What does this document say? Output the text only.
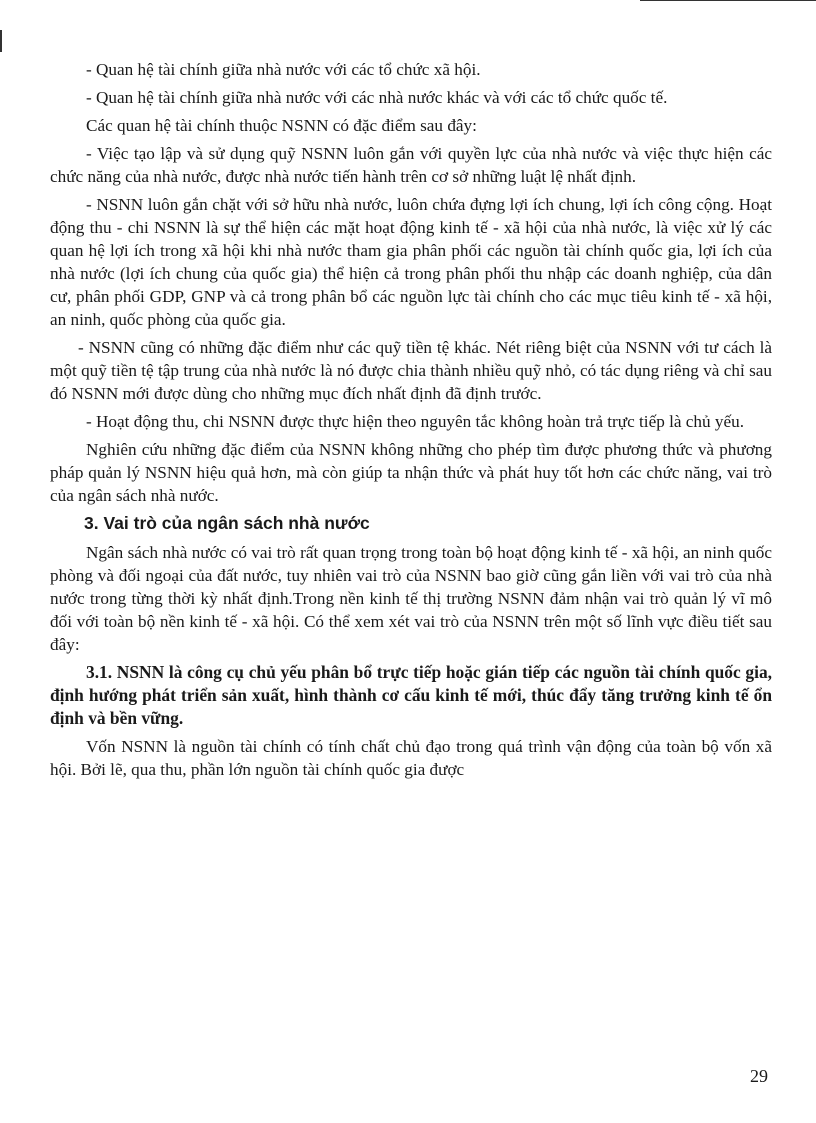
- Quan hệ tài chính giữa nhà nước với các tổ chức xã hội.

- Quan hệ tài chính giữa nhà nước với các nhà nước khác và với các tổ chức quốc tế.

Các quan hệ tài chính thuộc NSNN có đặc điểm sau đây:

- Việc tạo lập và sử dụng quỹ NSNN luôn gắn với quyền lực của nhà nước và việc thực hiện các chức năng của nhà nước, được nhà nước tiến hành trên cơ sở những luật lệ nhất định.

- NSNN luôn gắn chặt với sở hữu nhà nước, luôn chứa đựng lợi ích chung, lợi ích công cộng. Hoạt động thu - chi NSNN là sự thể hiện các mặt hoạt động kinh tế - xã hội của nhà nước, là việc xử lý các quan hệ lợi ích trong xã hội khi nhà nước tham gia phân phối các nguồn tài chính quốc gia, lợi ích của nhà nước (lợi ích chung của quốc gia) thể hiện cả trong phân phối thu nhập các doanh nghiệp, của dân cư, phân phối GDP, GNP và cả trong phân bổ các nguồn lực tài chính cho các mục tiêu kinh tế - xã hội, an ninh, quốc phòng của quốc gia.

- NSNN cũng có những đặc điểm như các quỹ tiền tệ khác. Nét riêng biệt của NSNN với tư cách là một quỹ tiền tệ tập trung của nhà nước là nó được chia thành nhiều quỹ nhỏ, có tác dụng riêng và chỉ sau đó NSNN mới được dùng cho những mục đích nhất định đã định trước.

- Hoạt động thu, chi NSNN được thực hiện theo nguyên tắc không hoàn trả trực tiếp là chủ yếu.

Nghiên cứu những đặc điểm của NSNN không những cho phép tìm được phương thức và phương pháp quản lý NSNN hiệu quả hơn, mà còn giúp ta nhận thức và phát huy tốt hơn các chức năng, vai trò của ngân sách nhà nước.

3. Vai trò của ngân sách nhà nước

Ngân sách nhà nước có vai trò rất quan trọng trong toàn bộ hoạt động kinh tế - xã hội, an ninh quốc phòng và đối ngoại của đất nước, tuy nhiên vai trò của NSNN bao giờ cũng gắn liền với vai trò của nhà nước trong từng thời kỳ nhất định.Trong nền kinh tế thị trường NSNN đảm nhận vai trò quản lý vĩ mô đối với toàn bộ nền kinh tế - xã hội. Có thể xem xét vai trò của NSNN trên một số lĩnh vực điều tiết sau đây:

3.1. NSNN là công cụ chủ yếu phân bổ trực tiếp hoặc gián tiếp các nguồn tài chính quốc gia, định hướng phát triển sản xuất, hình thành cơ cấu kinh tế mới, thúc đẩy tăng trưởng kinh tế ổn định và bền vững.

Vốn NSNN là nguồn tài chính có tính chất chủ đạo trong quá trình vận động của toàn bộ vốn xã hội. Bởi lẽ, qua thu, phần lớn nguồn tài chính quốc gia được

29
